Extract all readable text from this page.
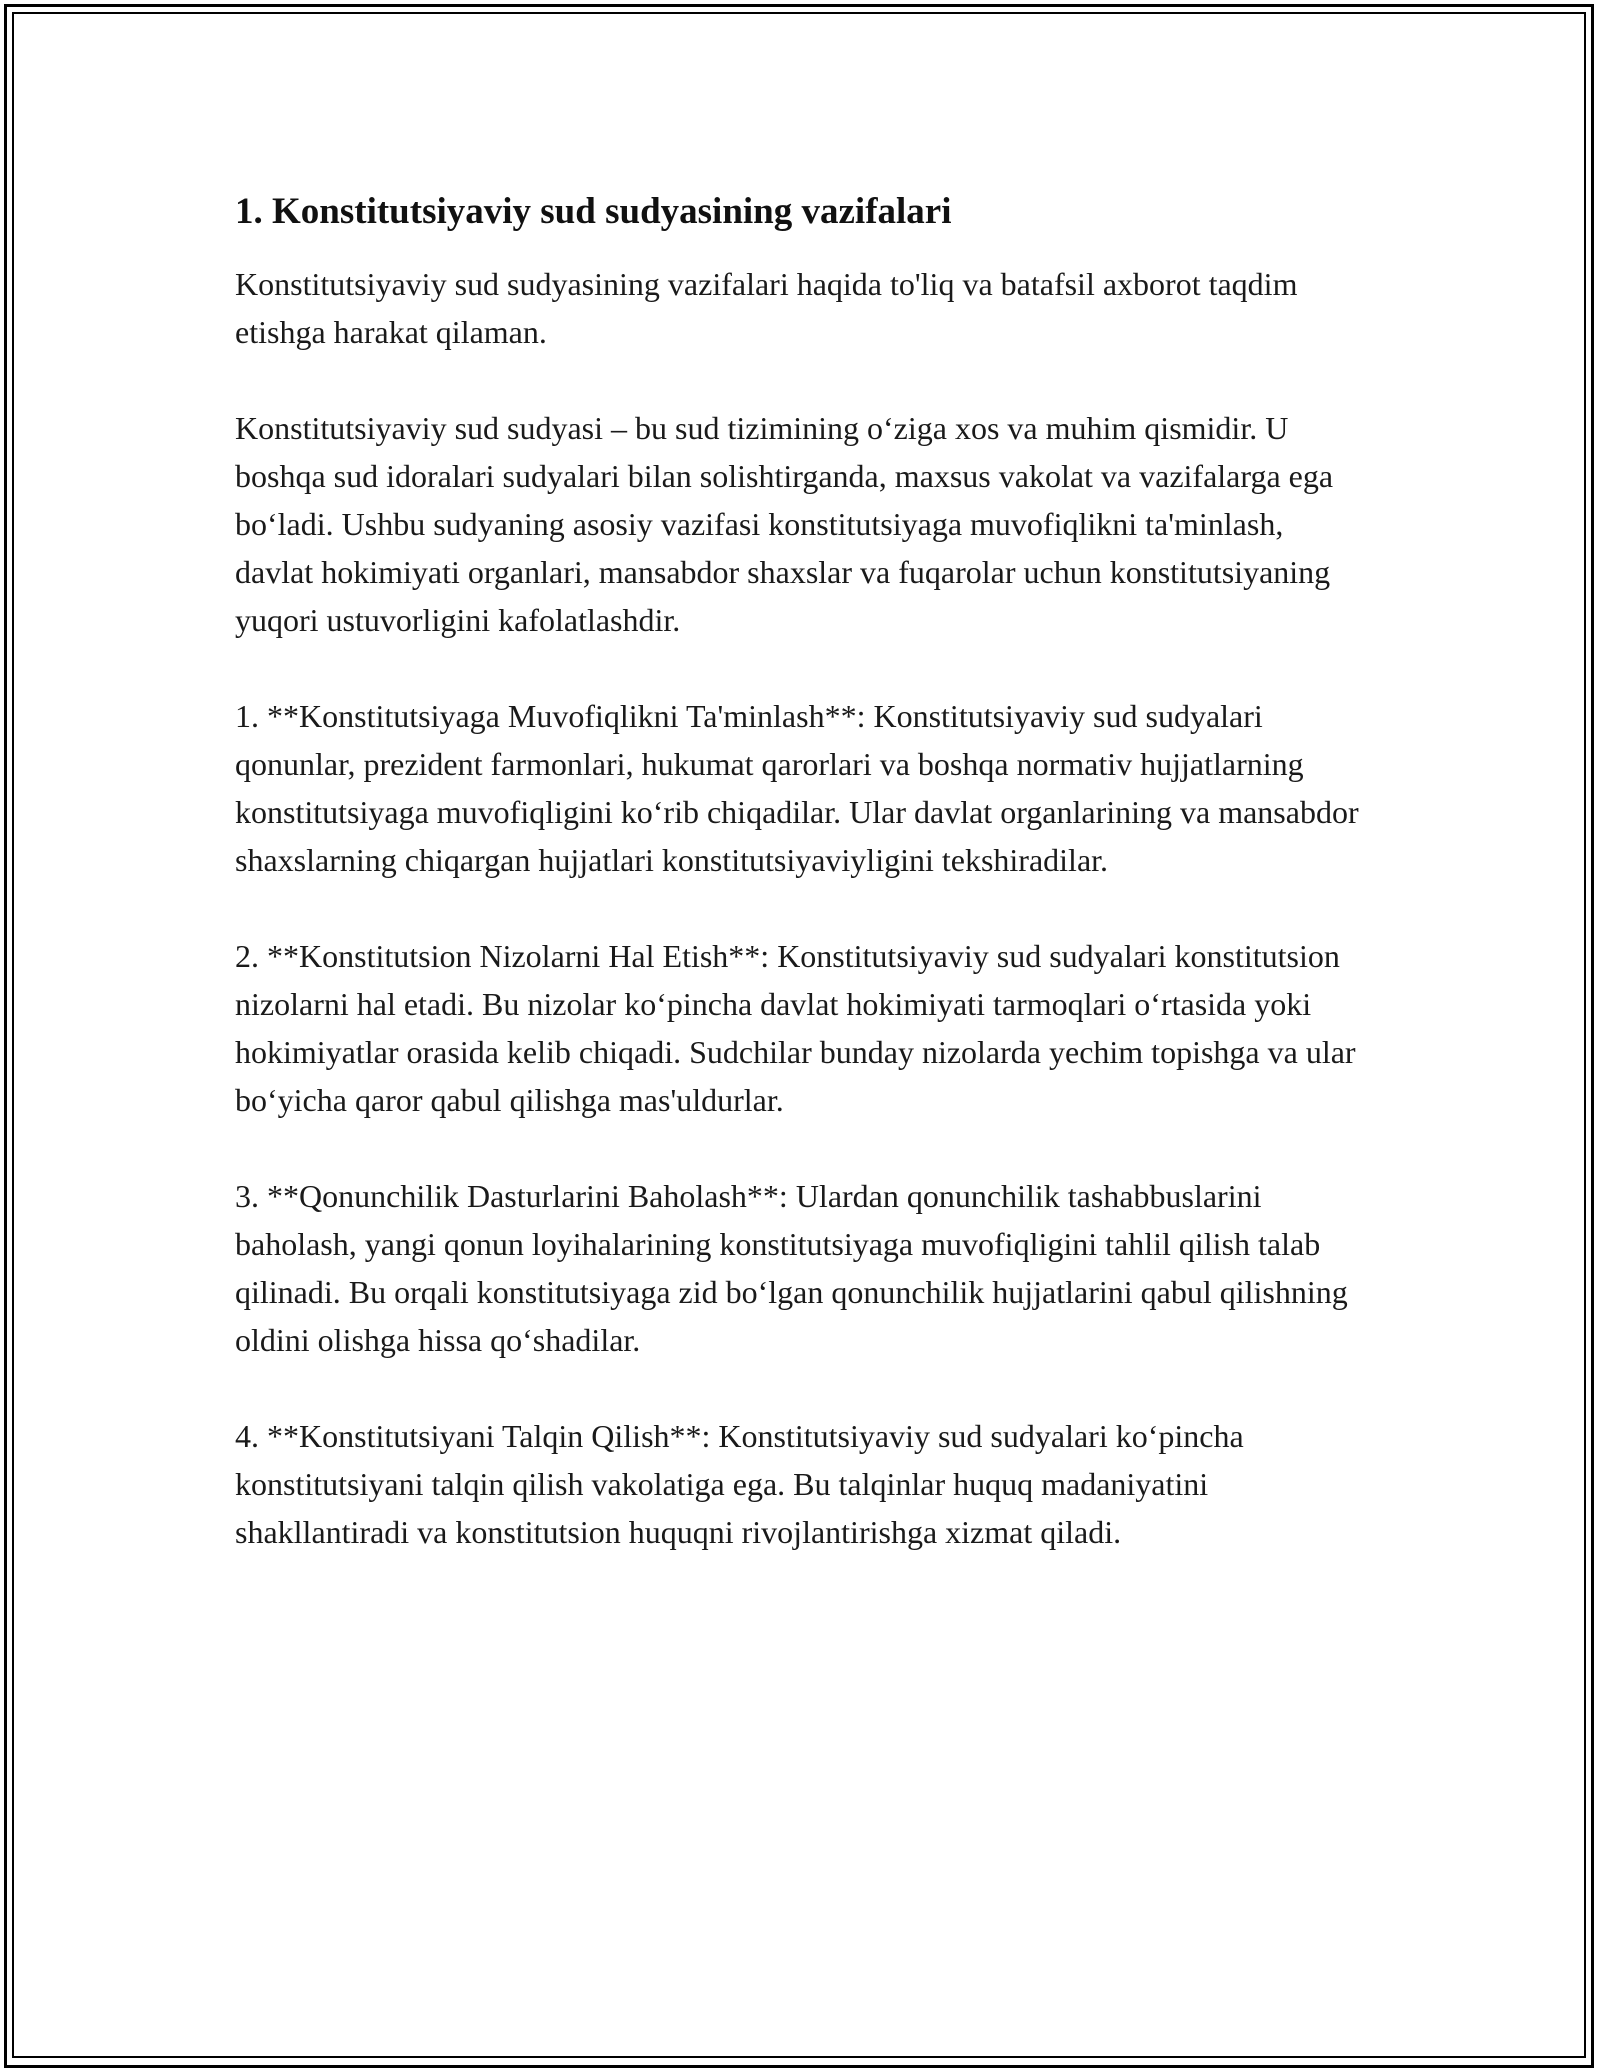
1. Konstitutsiyaviy sud sudyasining vazifalari

Konstitutsiyaviy sud sudyasining vazifalari haqida to'liq va batafsil axborot taqdim etishga harakat qilaman.

Konstitutsiyaviy sud sudyasi – bu sud tizimining o‘ziga xos va muhim qismidir. U boshqa sud idoralari sudyalari bilan solishtirganda, maxsus vakolat va vazifalarga ega bo‘ladi. Ushbu sudyaning asosiy vazifasi konstitutsiyaga muvofiqlikni ta'minlash, davlat hokimiyati organlari, mansabdor shaxslar va fuqarolar uchun konstitutsiyaning yuqori ustuvorligini kafolatlashdir.

1. **Konstitutsiyaga Muvofiqlikni Ta'minlash**: Konstitutsiyaviy sud sudyalari qonunlar, prezident farmonlari, hukumat qarorlari va boshqa normativ hujjatlarning konstitutsiyaga muvofiqligini ko‘rib chiqadilar. Ular davlat organlarining va mansabdor shaxslarning chiqargan hujjatlari konstitutsiyaviyligini tekshiradilar.

2. **Konstitutsion Nizolarni Hal Etish**: Konstitutsiyaviy sud sudyalari konstitutsion nizolarni hal etadi. Bu nizolar ko‘pincha davlat hokimiyati tarmoqlari o‘rtasida yoki hokimiyatlar orasida kelib chiqadi. Sudchilar bunday nizolarda yechim topishga va ular bo‘yicha qaror qabul qilishga mas'uldurlar.

3. **Qonunchilik Dasturlarini Baholash**: Ulardan qonunchilik tashabbuslarini baholash, yangi qonun loyihalarining konstitutsiyaga muvofiqligini tahlil qilish talab qilinadi. Bu orqali konstitutsiyaga zid bo‘lgan qonunchilik hujjatlarini qabul qilishning oldini olishga hissa qo‘shadilar.

4. **Konstitutsiyani Talqin Qilish**: Konstitutsiyaviy sud sudyalari ko‘pincha konstitutsiyani talqin qilish vakolatiga ega. Bu talqinlar huquq madaniyatini shakllantiradi va konstitutsion huquqni rivojlantirishga xizmat qiladi.
